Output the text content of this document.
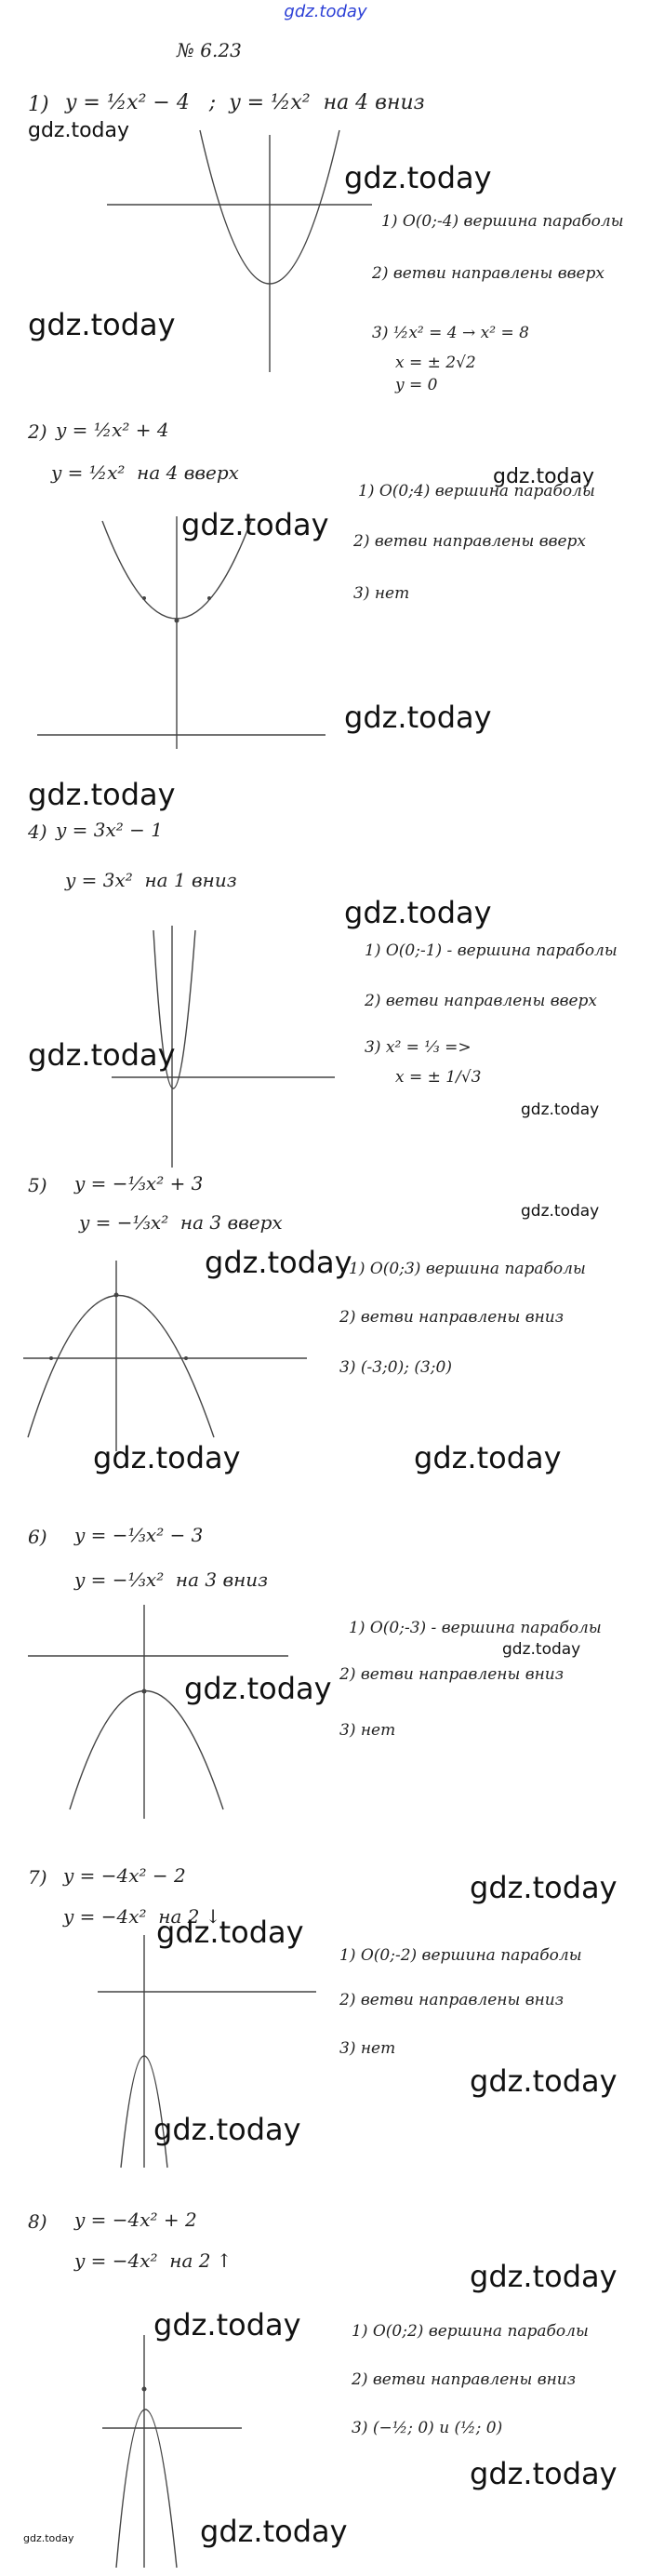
gdz.today
№ 6.23
1) y = ½x² − 4   ;  y = ½x²  на 4 вниз
1) O(0;-4) вершина параболы
2) ветви направлены вверх
3) ½x² = 4 → x² = 8
x = ± 2√2
y = 0
2) y = ½x² + 4
y = ½x²  на 4 вверх
1) O(0;4) вершина параболы
2) ветви направлены вверх
3) нет
4) y = 3x² − 1
y = 3x²  на 1 вниз
1) O(0;-1) - вершина параболы
2) ветви направлены вверх
3) x² = ⅓ =>
x = ± 1/√3
5) y = −⅓x² + 3
y = −⅓x²  на 3 вверх
1) O(0;3) вершина параболы
2) ветви направлены вниз
3) (-3;0); (3;0)
6) y = −⅓x² − 3
y = −⅓x²  на 3 вниз
1) O(0;-3) - вершина параболы
2) ветви направлены вниз
3) нет
7) y = −4x² − 2
y = −4x²  на 2 ↓
1) O(0;-2) вершина параболы
2) ветви направлены вниз
3) нет
8) y = −4x² + 2
y = −4x²  на 2 ↑
1) O(0;2) вершина параболы
2) ветви направлены вниз
3) (−½; 0) и (½; 0)
gdz.today
gdz.today
gdz.today
gdz.today
gdz.today
gdz.today
gdz.today
gdz.today
gdz.today
gdz.today
gdz.today
gdz.today
gdz.today	gdz.today
gdz.today
gdz.today
gdz.today
gdz.today
gdz.today
gdz.today
gdz.today
gdz.today
gdz.today
gdz.today
gdz.today
